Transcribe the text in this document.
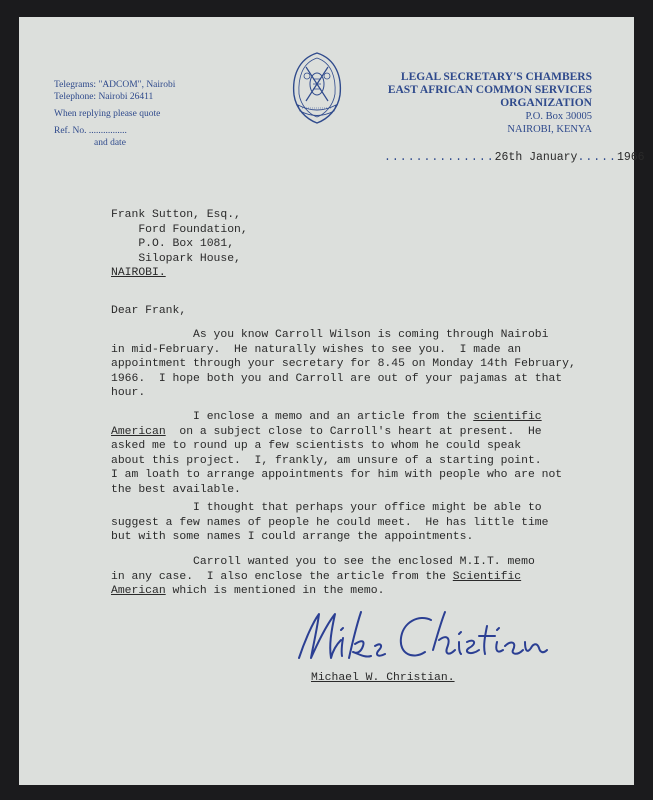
Telegrams: "ADCOM", Nairobi
Telephone: Nairobi 26411
When replying please quote
Ref. No. ................
and date
LEGAL SECRETARY'S CHAMBERS
EAST AFRICAN COMMON SERVICES
ORGANIZATION
P.O. Box 30005
NAIROBI, KENYA
..............26th January.....1966
Frank Sutton, Esq.,
Ford Foundation,
P.O. Box 1081,
Silopark House,
NAIROBI.
Dear Frank,
As you know Carroll Wilson is coming through Nairobi
in mid-February.  He naturally wishes to see you.  I made an
appointment through your secretary for 8.45 on Monday 14th February,
1966.  I hope both you and Carroll are out of your pajamas at that
hour.
I enclose a memo and an article from the scientific
American  on a subject close to Carroll's heart at present.  He
asked me to round up a few scientists to whom he could speak
about this project.  I, frankly, am unsure of a starting point.
I am loath to arrange appointments for him with people who are not
the best available.
I thought that perhaps your office might be able to
suggest a few names of people he could meet.  He has little time
but with some names I could arrange the appointments.
Carroll wanted you to see the enclosed M.I.T. memo
in any case.  I also enclose the article from the Scientific
American which is mentioned in the memo.
Michael W. Christian.
